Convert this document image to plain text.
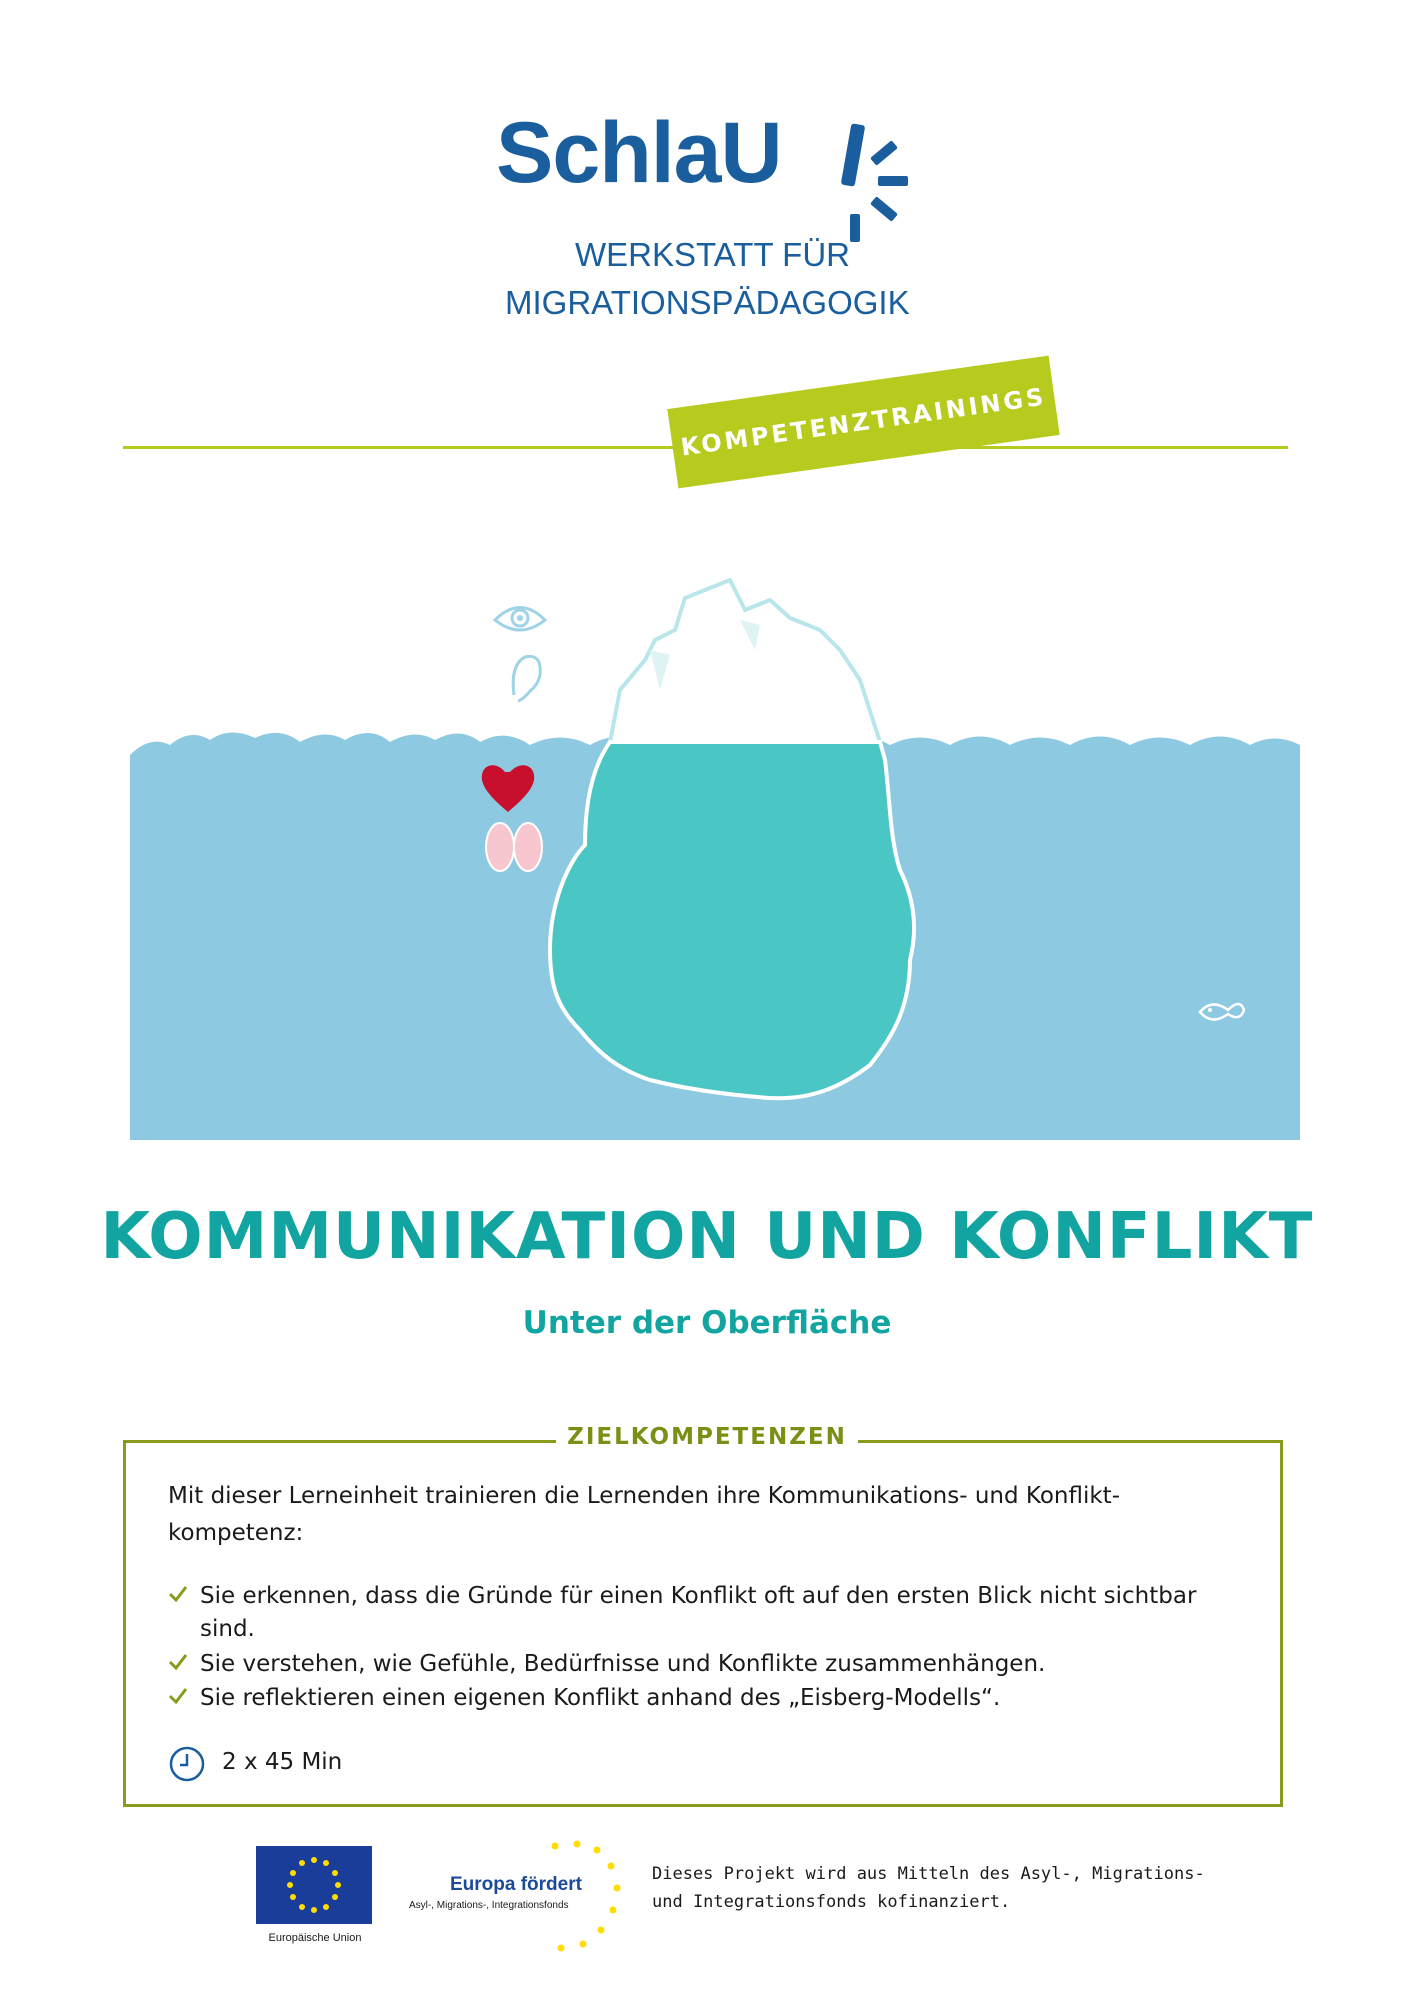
SchlaU
WERKSTATT FÜR
MIGRATIONSPÄDAGOGIK
KOMPETENZTRAININGS
KOMMUNIKATION UND KONFLIKT
Unter der Oberfläche
ZIELKOMPETENZEN
Mit dieser Lerneinheit trainieren die Lernenden ihre Kommunikations- und Konflikt-kompetenz:
Sie erkennen, dass die Gründe für einen Konflikt oft auf den ersten Blick nicht sichtbar sind.
Sie verstehen, wie Gefühle, Bedürfnisse und Konflikte zusammenhängen.
Sie reflektieren einen eigenen Konflikt anhand des „Eisberg-Modells“.
2 x 45 Min
Europäische Union
Europa fördert
Asyl-, Migrations-, Integrationsfonds
Dieses Projekt wird aus Mitteln des Asyl-, Migrations- und Integrationsfonds kofinanziert.
